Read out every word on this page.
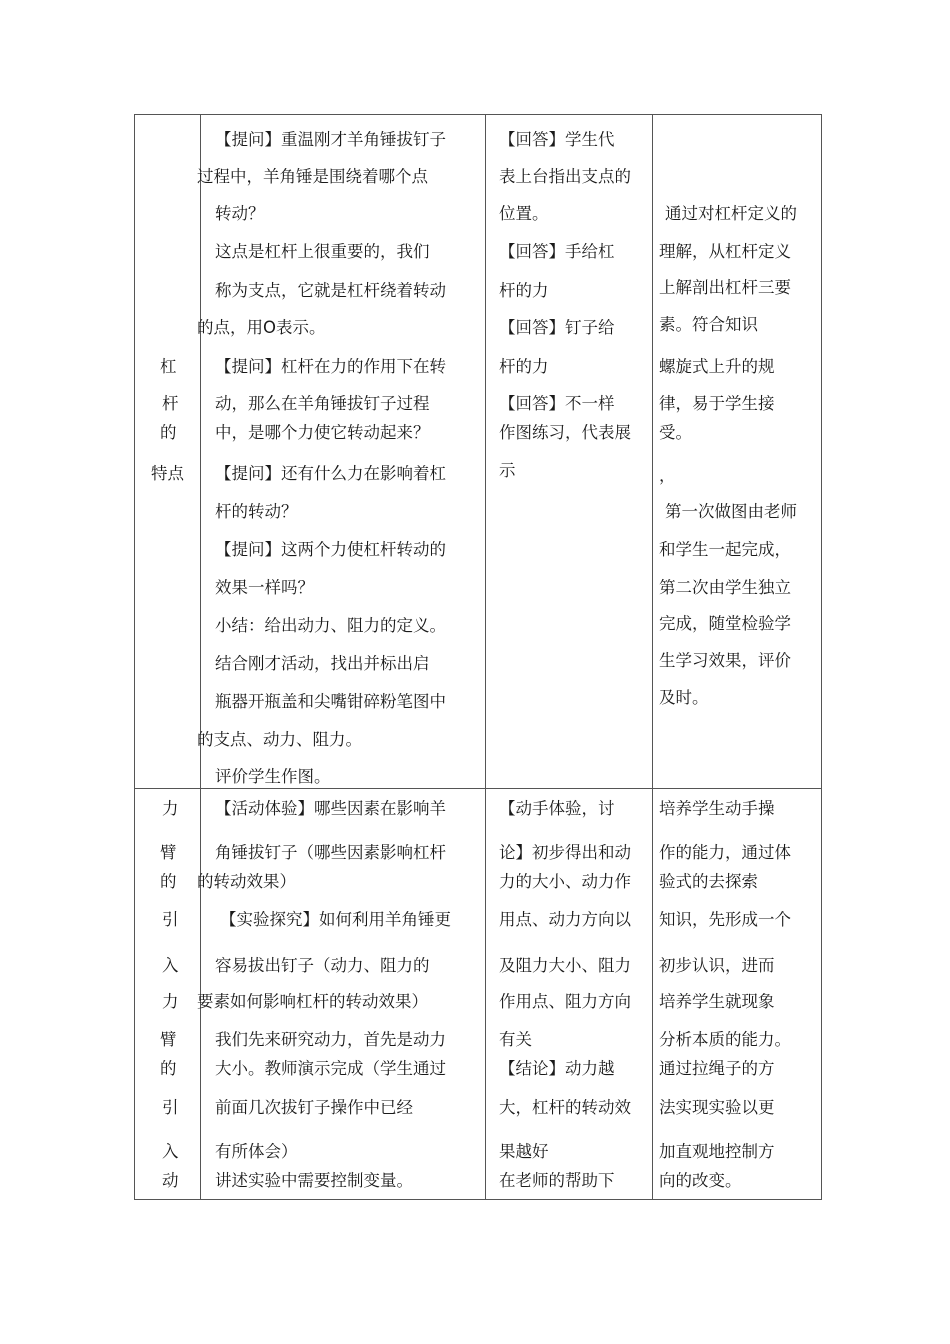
杠
杆
的
特点
【提问】重温刚才羊角锤拔钉子
过程中，羊角锤是围绕着哪个点
转动？
这点是杠杆上很重要的，我们
称为支点，它就是杠杆绕着转动
的点，用O表示。
【提问】杠杆在力的作用下在转
动，那么在羊角锤拔钉子过程
中，是哪个力使它转动起来？
【提问】还有什么力在影响着杠
杆的转动？
【提问】这两个力使杠杆转动的
效果一样吗？
小结：给出动力、阻力的定义。
结合刚才活动，找出并标出启
瓶器开瓶盖和尖嘴钳碎粉笔图中
的支点、动力、阻力。
评价学生作图。
【回答】学生代
表上台指出支点的
位置。
【回答】手给杠
杆的力
【回答】钉子给
杆的力
【回答】不一样
作图练习，代表展
示
通过对杠杆定义的
理解，从杠杆定义
上解剖出杠杆三要
素。符合知识
螺旋式上升的规
律，易于学生接
受。
，
第一次做图由老师
和学生一起完成，
第二次由学生独立
完成，随堂检验学
生学习效果，评价
及时。
力
臂
的
引
入
力
臂
的
引
入
动
【活动体验】哪些因素在影响羊
角锤拔钉子（哪些因素影响杠杆
的转动效果）
【实验探究】如何利用羊角锤更
容易拔出钉子（动力、阻力的
要素如何影响杠杆的转动效果）
我们先来研究动力，首先是动力
大小。教师演示完成（学生通过
前面几次拔钉子操作中已经
有所体会）
讲述实验中需要控制变量。
【动手体验，讨
论】初步得出和动
力的大小、动力作
用点、动力方向以
及阻力大小、阻力
作用点、阻力方向
有关
【结论】动力越
大，杠杆的转动效
果越好
在老师的帮助下
培养学生动手操
作的能力，通过体
验式的去探索
知识，先形成一个
初步认识，进而
培养学生就现象
分析本质的能力。
通过拉绳子的方
法实现实验以更
加直观地控制方
向的改变。
